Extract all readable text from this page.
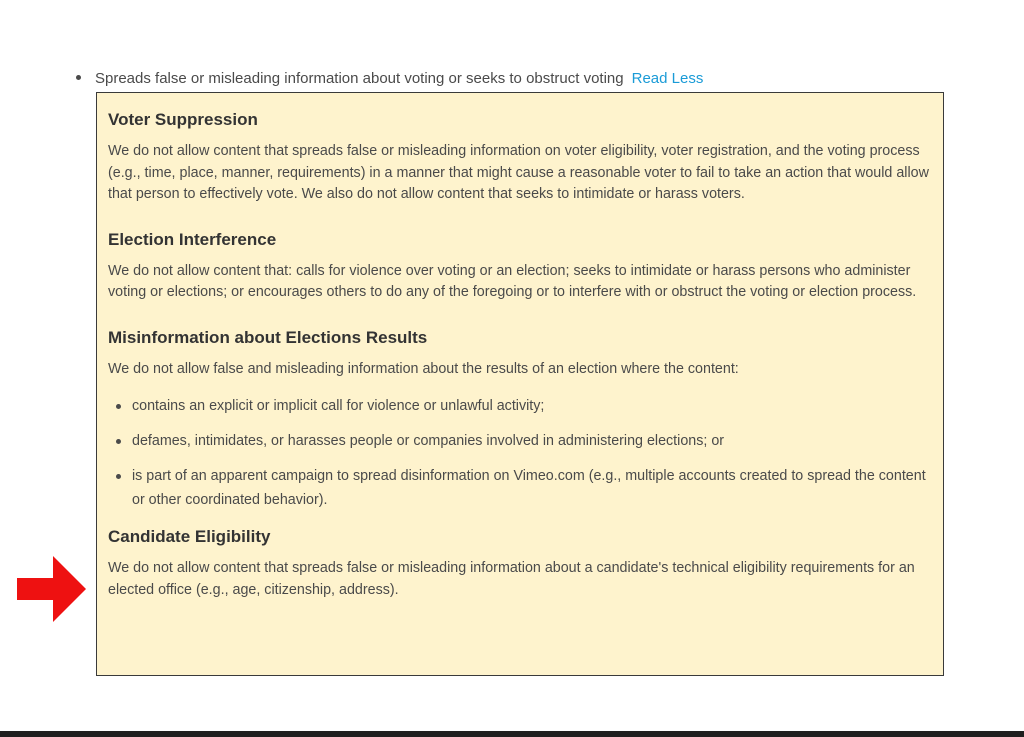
Spreads false or misleading information about voting or seeks to obstruct voting Read Less
Voter Suppression

We do not allow content that spreads false or misleading information on voter eligibility, voter registration, and the voting process (e.g., time, place, manner, requirements) in a manner that might cause a reasonable voter to fail to take an action that would allow that person to effectively vote. We also do not allow content that seeks to intimidate or harass voters.

Election Interference

We do not allow content that: calls for violence over voting or an election; seeks to intimidate or harass persons who administer voting or elections; or encourages others to do any of the foregoing or to interfere with or obstruct the voting or election process.

Misinformation about Elections Results

We do not allow false and misleading information about the results of an election where the content:

contains an explicit or implicit call for violence or unlawful activity;
defames, intimidates, or harasses people or companies involved in administering elections; or
is part of an apparent campaign to spread disinformation on Vimeo.com (e.g., multiple accounts created to spread the content or other coordinated behavior).
Candidate Eligibility

We do not allow content that spreads false or misleading information about a candidate's technical eligibility requirements for an elected office (e.g., age, citizenship, address).
